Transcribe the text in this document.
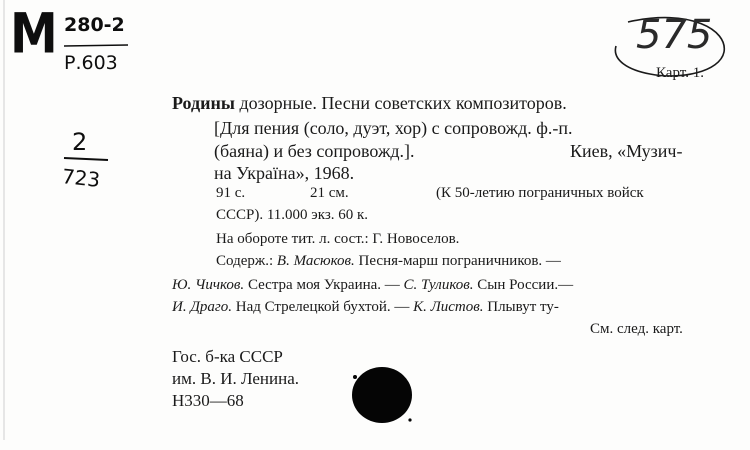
М 280-2
Р.603
2
723
575
Карт. 1.
Родины дозорные. Песни советских композиторов.
[Для пения (соло, дуэт, хор) с сопровожд. ф.-п.
(баяна) и без сопровожд.].	Киев, «Музич-
на Україна», 1968.
91 с.	21 см.	(К 50-летию пограничных войск
СССР). 11.000 экз. 60 к.
На обороте тит. л. сост.: Г. Новоселов.
Содерж.: В. Масюков. Песня-марш пограничников. —
Ю. Чичков. Сестра моя Украина. — С. Туликов. Сын России.—
И. Драго. Над Стрелецкой бухтой. — К. Листов. Плывут ту-
См. след. карт.
Гос. б-ка СССР
им. В. И. Ленина.
Н330—68
